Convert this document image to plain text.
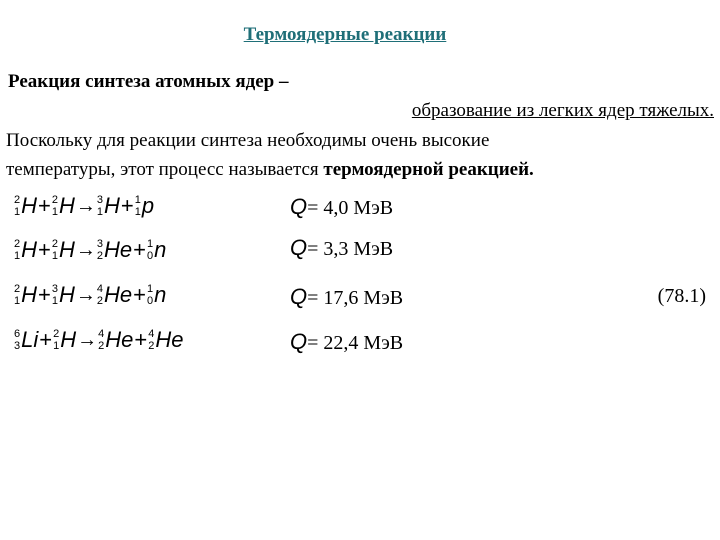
Термоядерные реакции
Реакция синтеза атомных ядер –
образование из легких ядер тяжелых.
Поскольку для реакции синтеза необходимы очень высокие
температуры, этот процесс называется термоядерной реакцией.
2
1 H + 2
1 H → 3
1 H + 1
1 p	Q= 4,0 МэВ
2
1 H + 2
1 H → 3
2 He + 1
0 n	Q= 3,3 МэВ
2
1 H + 3
1 H → 4
2 He + 1
0 n	Q= 17,6 МэВ
6
3 Li + 2
1 H → 4
2 He + 4
2 He	Q= 22,4 МэВ
(78.1)
